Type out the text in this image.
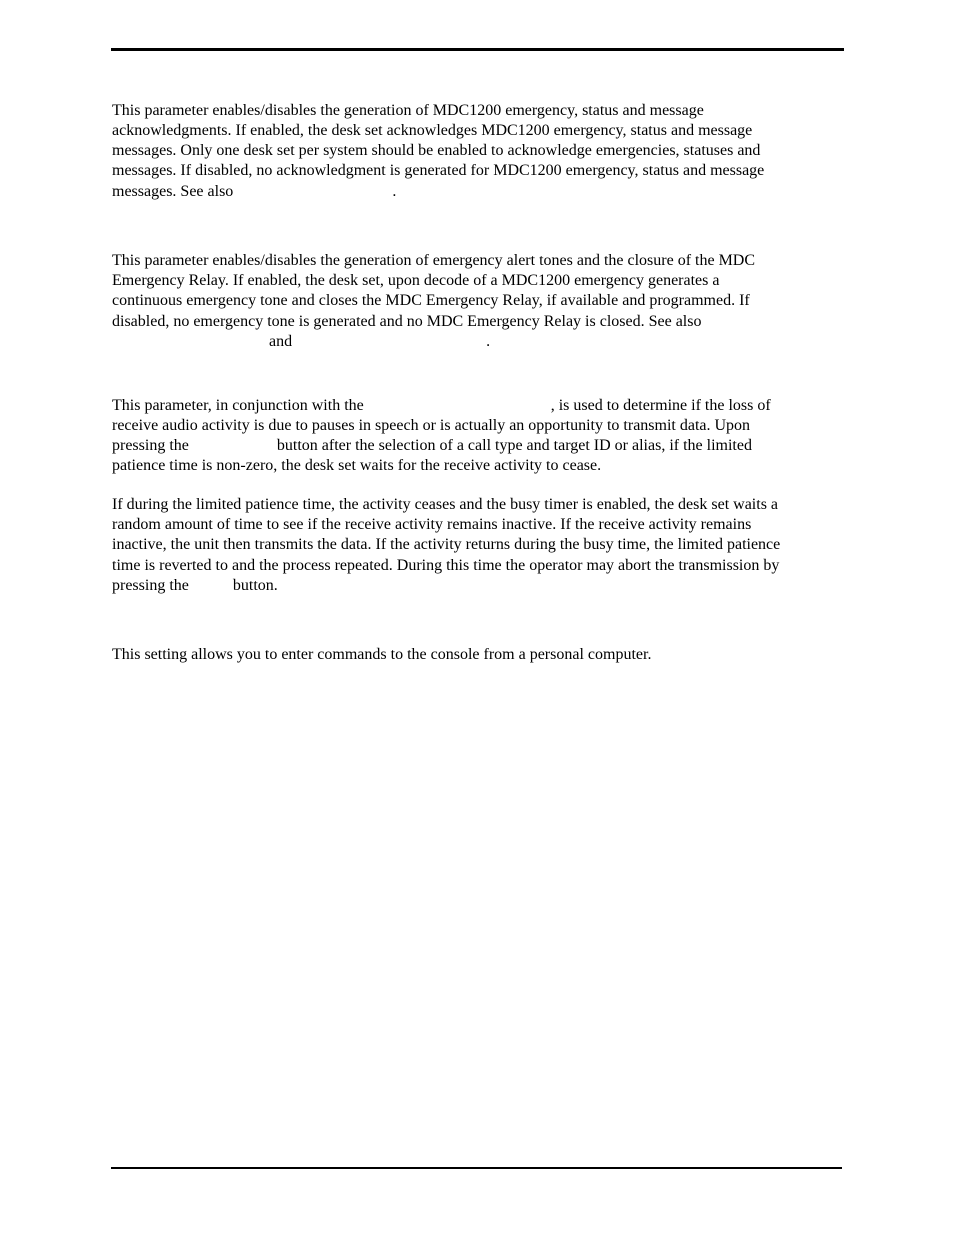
This parameter enables/disables the generation of MDC1200 emergency, status and message
acknowledgments. If enabled, the desk set acknowledges MDC1200 emergency, status and message
messages. Only one desk set per system should be enabled to acknowledge emergencies, statuses and
messages. If disabled, no acknowledgment is generated for MDC1200 emergency, status and message
messages. See also	.
This parameter enables/disables the generation of emergency alert tones and the closure of the MDC
Emergency Relay. If enabled, the desk set, upon decode of a MDC1200 emergency generates a
continuous emergency tone and closes the MDC Emergency Relay, if available and programmed. If
disabled, no emergency tone is generated and no MDC Emergency Relay is closed. See also
and	.
This parameter, in conjunction with the	, is used to determine if the loss of
receive audio activity is due to pauses in speech or is actually an opportunity to transmit data. Upon
pressing the	button after the selection of a call type and target ID or alias, if the limited
patience time is non-zero, the desk set waits for the receive activity to cease.
If during the limited patience time, the activity ceases and the busy timer is enabled, the desk set waits a
random amount of time to see if the receive activity remains inactive. If the receive activity remains
inactive, the unit then transmits the data. If the activity returns during the busy time, the limited patience
time is reverted to and the process repeated. During this time the operator may abort the transmission by
pressing the	button.
This setting allows you to enter commands to the console from a personal computer.
